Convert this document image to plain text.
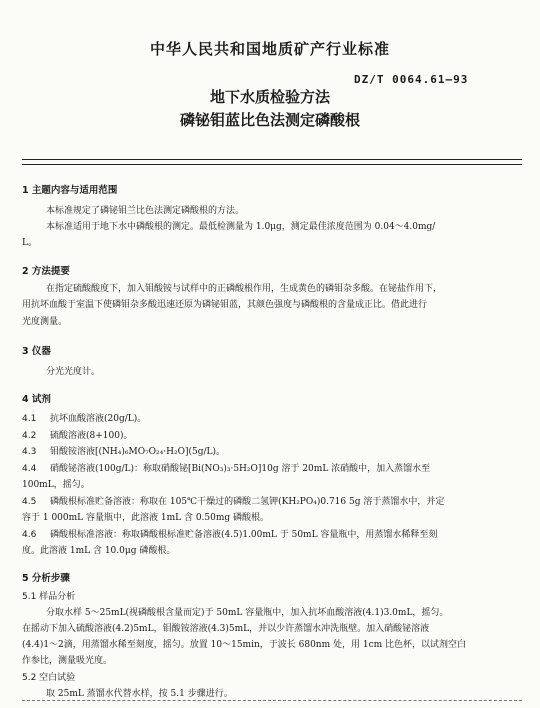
中华人民共和国地质矿产行业标准
DZ/T 0064.61—93
地下水质检验方法
磷铋钼蓝比色法测定磷酸根
1 主题内容与适用范围
本标准规定了磷铋钼兰比色法测定磷酸根的方法。
本标准适用于地下水中磷酸根的测定。最低检测量为 1.0μg，测定最佳浓度范围为 0.04～4.0mg/
L。
2 方法提要
在指定硫酸酸度下，加入钼酸铵与试样中的正磷酸根作用，生成黄色的磷钼杂多酸。在铋盐作用下，
用抗坏血酸于室温下使磷钼杂多酸迅速还原为磷铋钼蓝，其颜色强度与磷酸根的含量成正比。借此进行
光度测量。
3 仪器
分光光度计。
4 试剂
4.1 抗坏血酸溶液(20g/L)。
4.2 硫酸溶液(8+100)。
4.3 钼酸铵溶液[(NH₄)₆MO₇O₂₄·H₂O](5g/L)。
4.4 硝酸铋溶液(100g/L)：称取硝酸铋[Bi(NO₃)₃·5H₂O]10g 溶于 20mL 浓硝酸中，加入蒸馏水至
100mL，摇匀。
4.5 磷酸根标准贮备溶液：称取在 105℃干燥过的磷酸二氢钾(KH₂PO₄)0.716 5g 溶于蒸馏水中，并定
容于 1 000mL 容量瓶中，此溶液 1mL 含 0.50mg 磷酸根。
4.6 磷酸根标准溶液：称取磷酸根标准贮备溶液(4.5)1.00mL 于 50mL 容量瓶中，用蒸馏水稀释至刻
度。此溶液 1mL 含 10.0μg 磷酸根。
5 分析步骤
5.1 样品分析
分取水样 5～25mL(视磷酸根含量而定)于 50mL 容量瓶中，加入抗坏血酸溶液(4.1)3.0mL，摇匀。
在摇动下加入硫酸溶液(4.2)5mL，钼酸铵溶液(4.3)5mL，并以少许蒸馏水冲洗瓶壁。加入硝酸铋溶液
(4.4)1～2滴，用蒸馏水稀至刻度，摇匀。放置 10～15min，于波长 680nm 处，用 1cm 比色杯，以试剂空白
作参比，测量吸光度。
5.2 空白试验
取 25mL 蒸馏水代替水样，按 5.1 步骤进行。
